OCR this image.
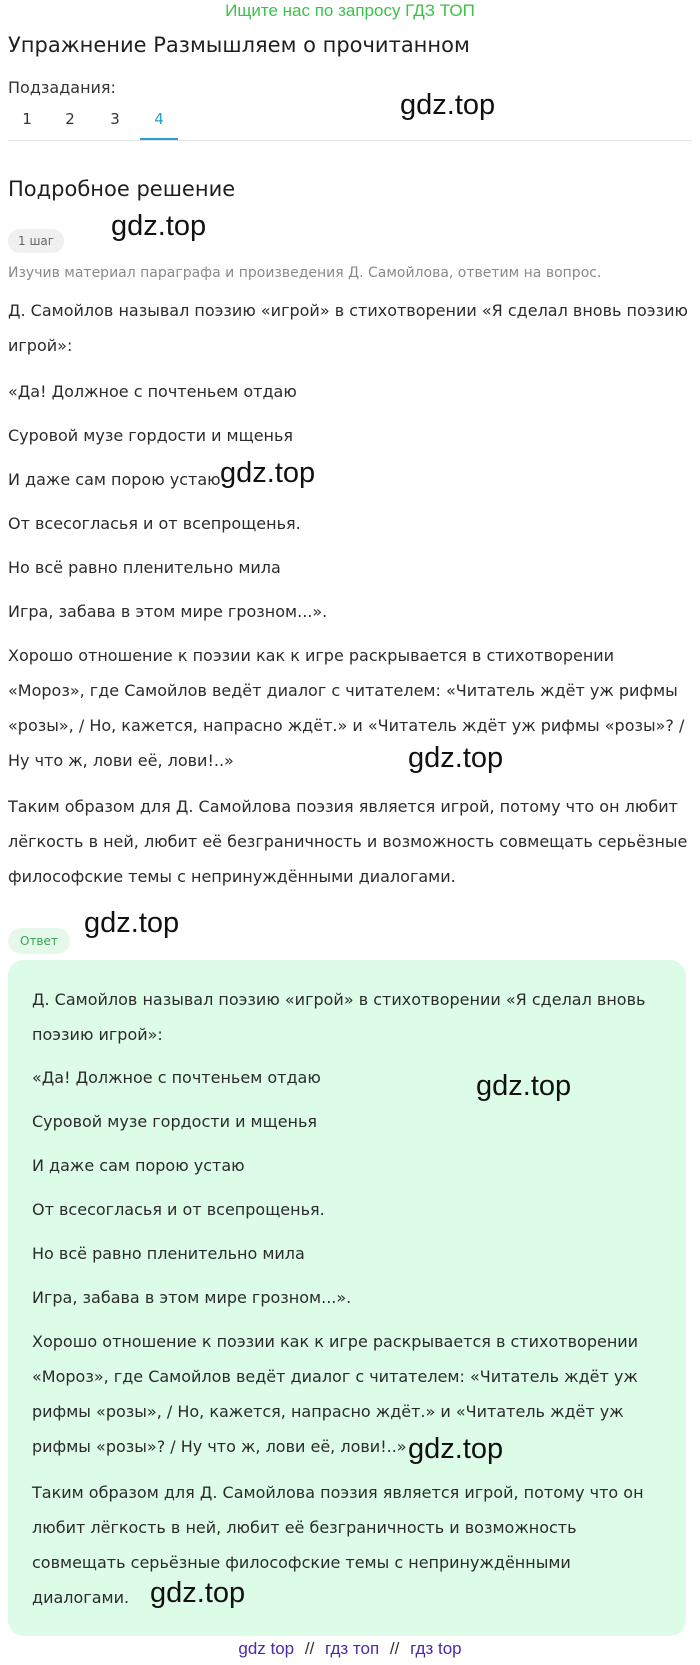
Ищите нас по запросу ГДЗ ТОП
Упражнение Размышляем о прочитанном
Подзадания:
1	2	3	4	gdz.top
Подробное решение
1 шаг	gdz.top
Изучив материал параграфа и произведения Д. Самойлова, ответим на вопрос.

Д. Самойлов называл поэзию «игрой» в стихотворении «Я сделал вновь поэзию игрой»:

«Да! Должное с почтеньем отдаю

Суровой музе гордости и мщенья

И даже сам порою устаю gdz.top

От всесогласья и от всепрощенья.

Но всё равно пленительно мила

Игра, забава в этом мире грозном...».

Хорошо отношение к поэзии как к игре раскрывается в стихотворении «Мороз», где Самойлов ведёт диалог с читателем: «Читатель ждёт уж рифмы «розы», / Но, кажется, напрасно ждёт.» и «Читатель ждёт уж рифмы «розы»? / Ну что ж, лови её, лови!..»	gdz.top

Таким образом для Д. Самойлова поэзия является игрой, потому что он любит лёгкость в ней, любит её безграничность и возможность совмещать серьёзные философские темы с непринуждёнными диалогами.

Ответ
gdz.top

Д. Самойлов называл поэзию «игрой» в стихотворении «Я сделал вновь поэзию игрой»:

«Да! Должное с почтеньем отдаю	gdz.top

Суровой музе гордости и мщенья

И даже сам порою устаю

От всесогласья и от всепрощенья.

Но всё равно пленительно мила

Игра, забава в этом мире грозном...».

Хорошо отношение к поэзии как к игре раскрывается в стихотворении «Мороз», где Самойлов ведёт диалог с читателем: «Читатель ждёт уж рифмы «розы», / Но, кажется, напрасно ждёт.» и «Читатель ждёт уж рифмы «розы»? / Ну что ж, лови её, лови!..» gdz.top

Таким образом для Д. Самойлова поэзия является игрой, потому что он любит лёгкость в ней, любит её безграничность и возможность совмещать серьёзные философские темы с непринуждёнными диалогами. gdz.top
gdz top // гдз топ // гдз top
